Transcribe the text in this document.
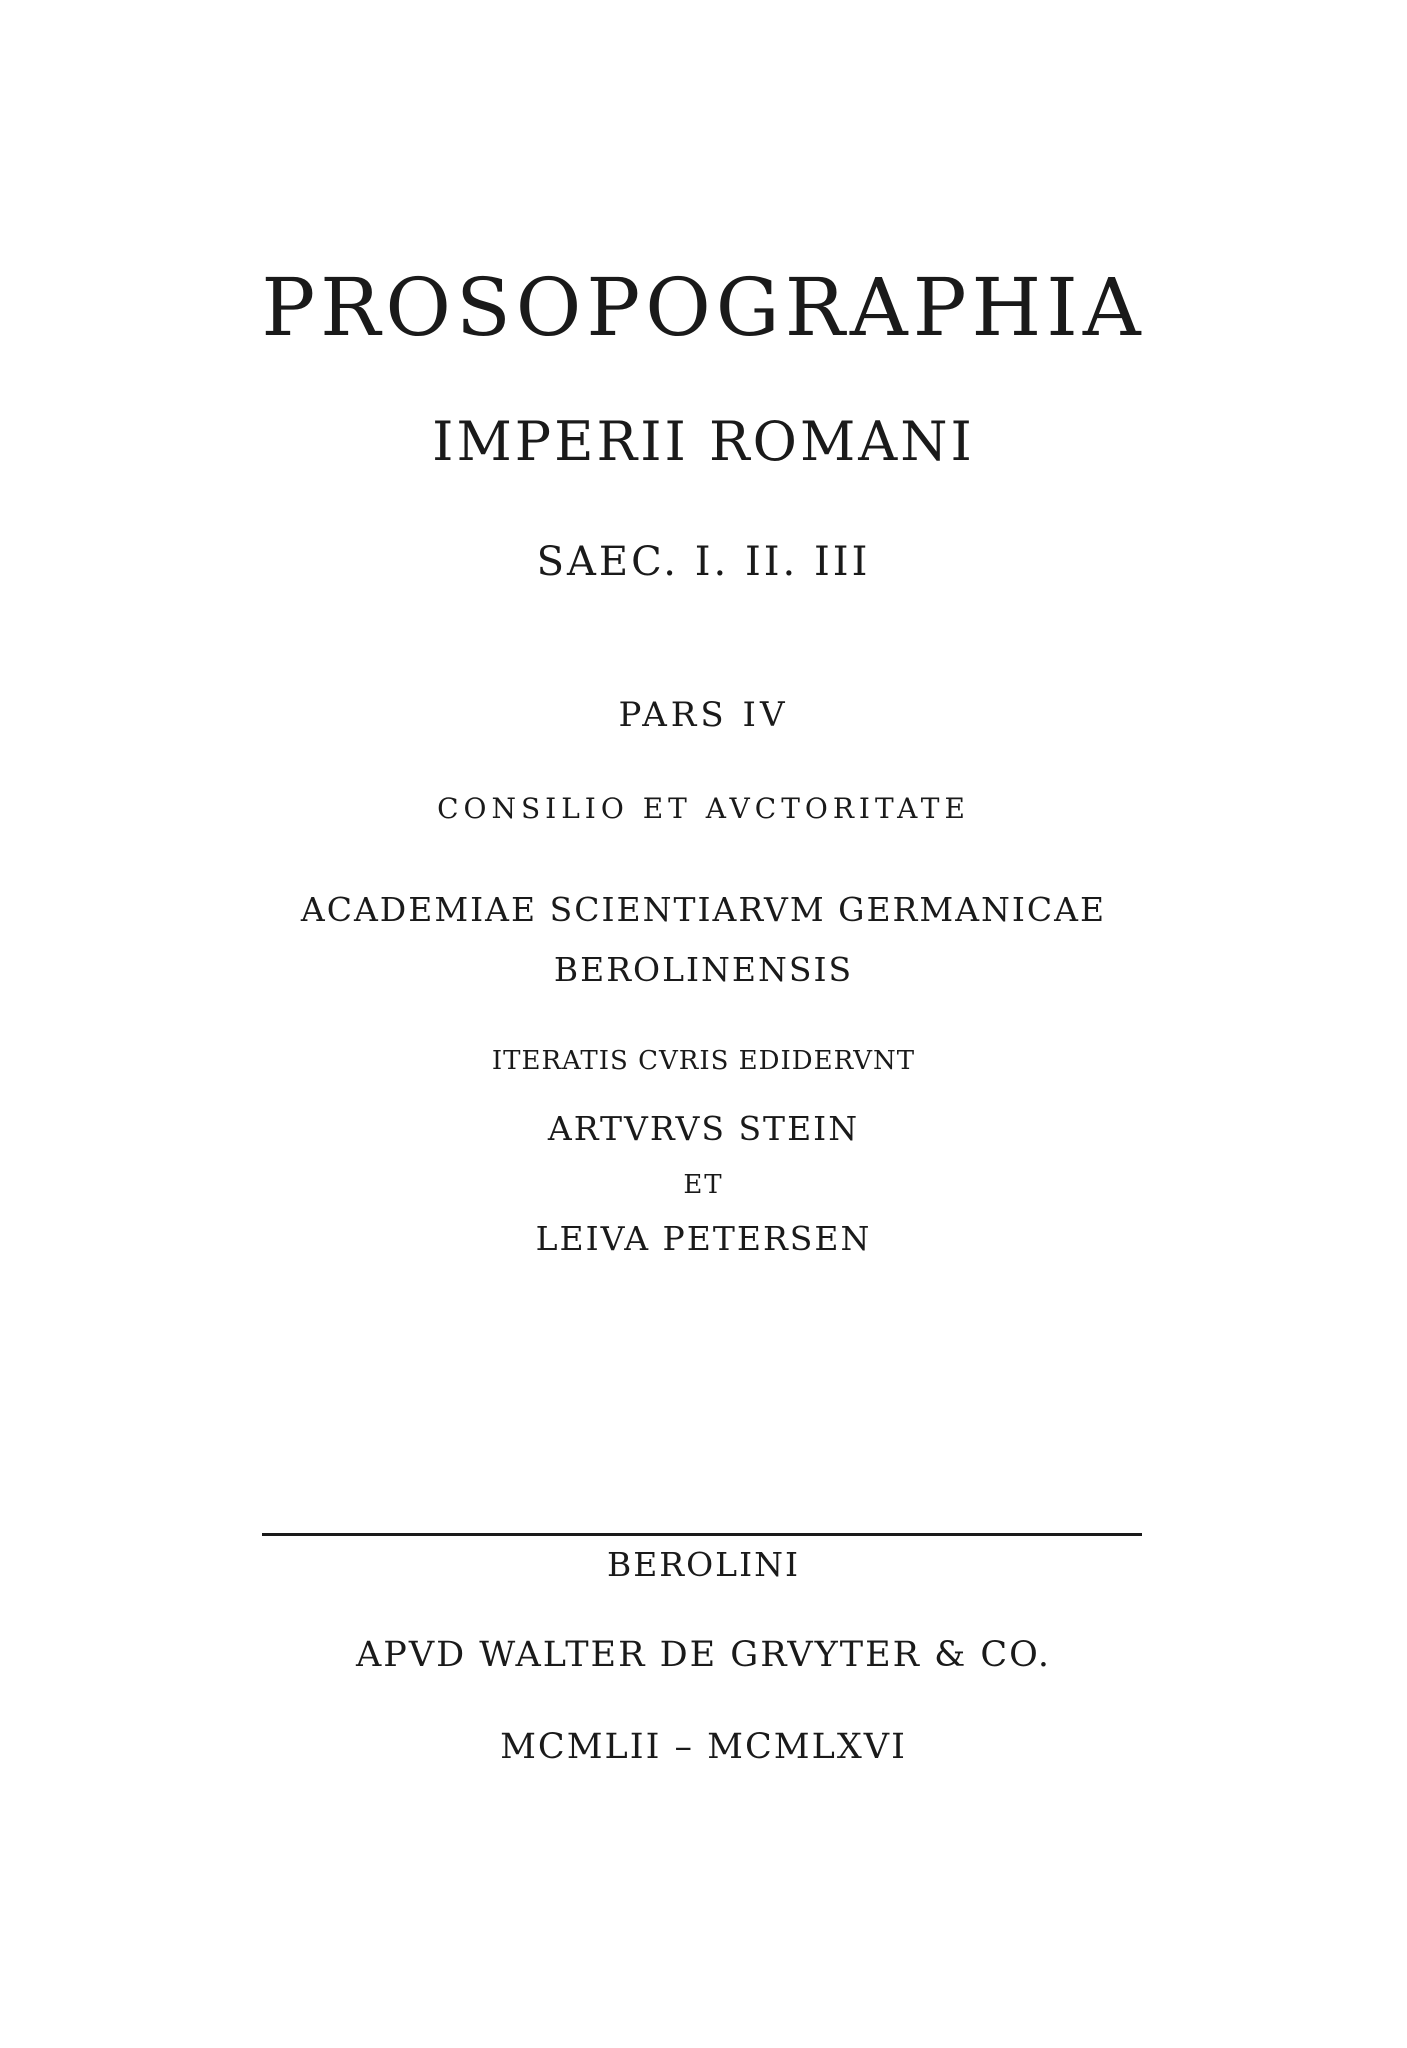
PROSOPOGRAPHIA
IMPERII ROMANI
SAEC. I. II. III
PARS IV
CONSILIO ET AVCTORITATE
ACADEMIAE SCIENTIARVM GERMANICAE
BEROLINENSIS
ITERATIS CVRIS EDIDERVNT
ARTVRVS STEIN
ET
LEIVA PETERSEN
BEROLINI
APVD WALTER DE GRVYTER & CO.
MCMLII – MCMLXVI
